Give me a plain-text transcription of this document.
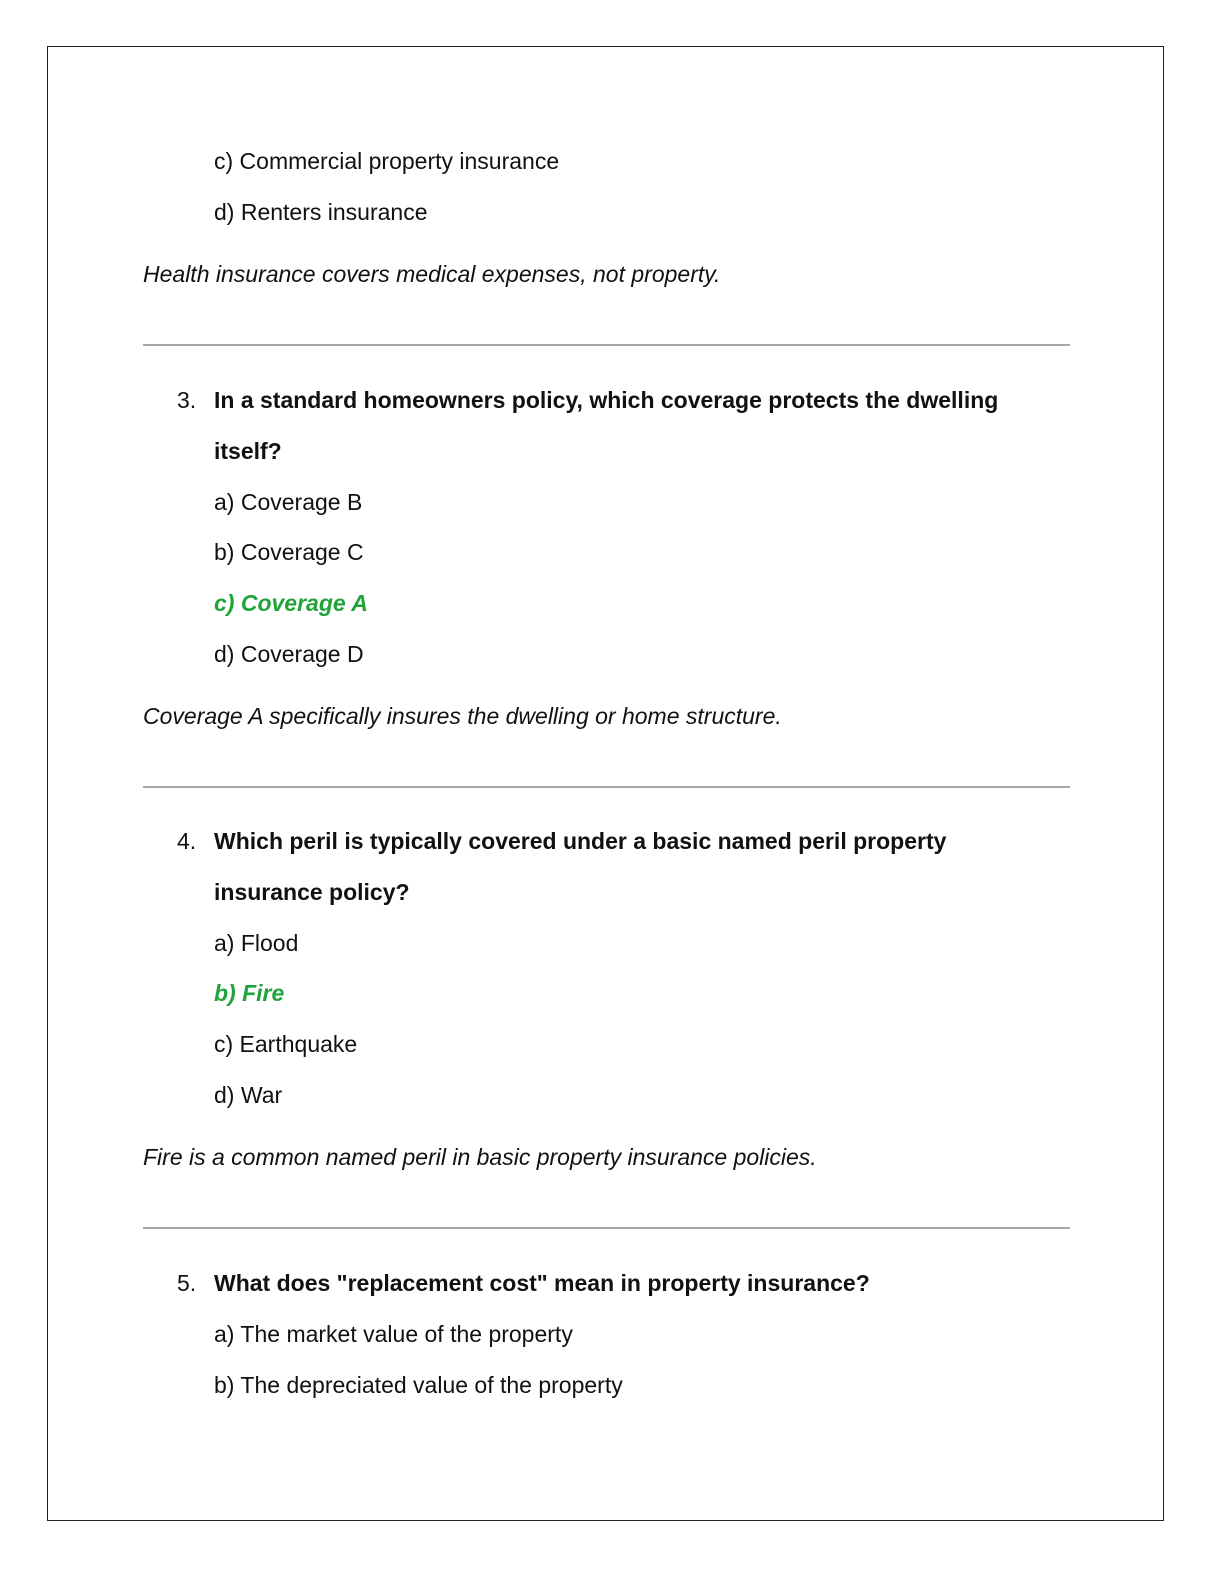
c) Commercial property insurance
d) Renters insurance
Health insurance covers medical expenses, not property.
3. In a standard homeowners policy, which coverage protects the dwelling
itself?
a) Coverage B
b) Coverage C
c) Coverage A
d) Coverage D
Coverage A specifically insures the dwelling or home structure.
4. Which peril is typically covered under a basic named peril property
insurance policy?
a) Flood
b) Fire
c) Earthquake
d) War
Fire is a common named peril in basic property insurance policies.
5. What does "replacement cost" mean in property insurance?
a) The market value of the property
b) The depreciated value of the property
